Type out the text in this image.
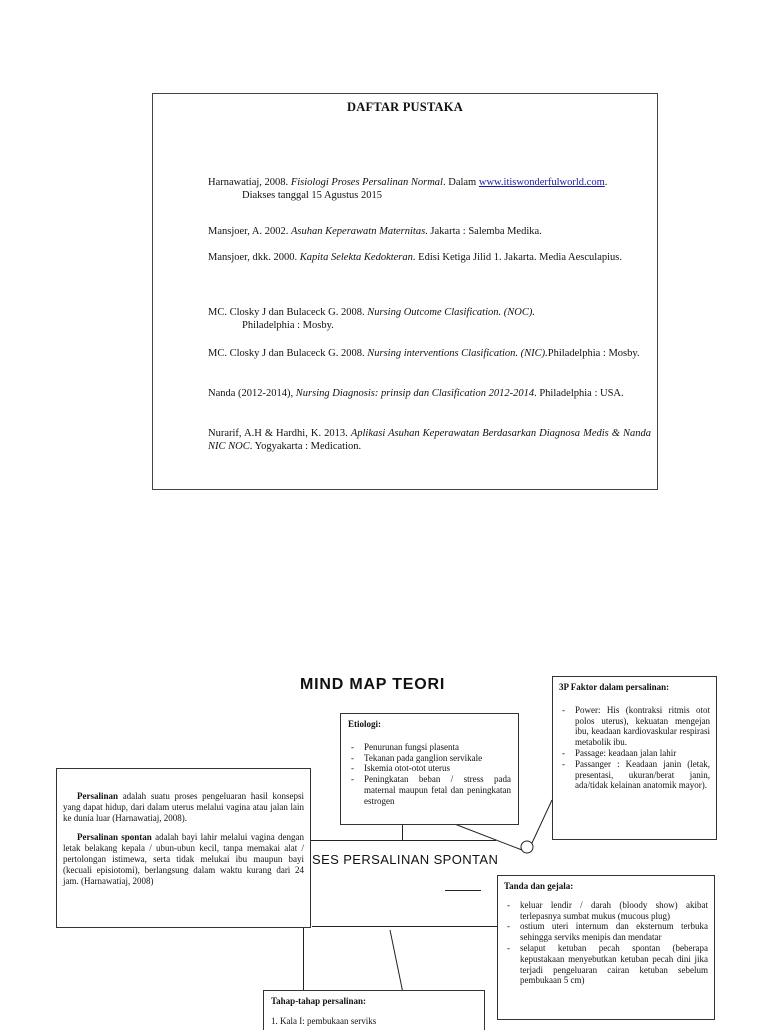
DAFTAR PUSTAKA
Harnawatiaj, 2008. Fisiologi Proses Persalinan Normal. Dalam www.itiswonderfulworld.com.
Diakses tanggal 15 Agustus 2015
Mansjoer, A. 2002. Asuhan Keperawatn Maternitas. Jakarta : Salemba Medika.
Mansjoer, dkk. 2000. Kapita Selekta Kedokteran. Edisi Ketiga Jilid 1. Jakarta. Media Aesculapius.
MC. Closky J dan Bulaceck G. 2008. Nursing Outcome Clasification. (NOC).
Philadelphia : Mosby.
MC. Closky J dan Bulaceck G. 2008. Nursing interventions Clasification. (NIC).Philadelphia : Mosby.
Nanda (2012-2014), Nursing Diagnosis: prinsip dan Clasification 2012-2014. Philadelphia : USA.
Nurarif, A.H & Hardhi, K. 2013. Aplikasi Asuhan Keperawatan Berdasarkan Diagnosa Medis & Nanda NIC NOC. Yogyakarta : Medication.
MIND MAP TEORI
SES PERSALINAN SPONTAN
Etiologi:
- Penurunan fungsi plasenta
- Tekanan pada ganglion servikale
- Iskemia otot-otot uterus
- Peningkatan beban / stress pada maternal maupun fetal dan peningkatan estrogen
3P Faktor dalam persalinan:
- Power: His (kontraksi ritmis otot polos uterus), kekuatan mengejan ibu, keadaan kardiovaskular respirasi metabolik ibu.
- Passage: keadaan jalan lahir
- Passanger : Keadaan janin (letak, presentasi, ukuran/berat janin, ada/tidak kelainan anatomik mayor).

Persalinan adalah suatu proses pengeluaran hasil konsepsi yang dapat hidup, dari dalam uterus melalui vagina atau jalan lain ke dunia luar (Harnawatiaj, 2008).

Persalinan spontan adalah bayi lahir melalui vagina dengan letak belakang kepala / ubun-ubun kecil, tanpa memakai alat / pertolongan istimewa, serta tidak melukai ibu maupun bayi (kecuali episiotomi), berlangsung dalam waktu kurang dari 24 jam. (Harnawatiaj, 2008)

Tanda dan gejala:
- keluar lendir / darah (bloody show) akibat terlepasnya sumbat mukus (mucous plug)
- ostium uteri internum dan eksternum terbuka sehingga serviks menipis dan mendatar
- selaput ketuban pecah spontan (beberapa kepustakaan menyebutkan ketuban pecah dini jika terjadi pengeluaran cairan ketuban sebelum pembukaan 5 cm)
Tahap-tahap persalinan:
1. Kala I: pembukaan serviks
